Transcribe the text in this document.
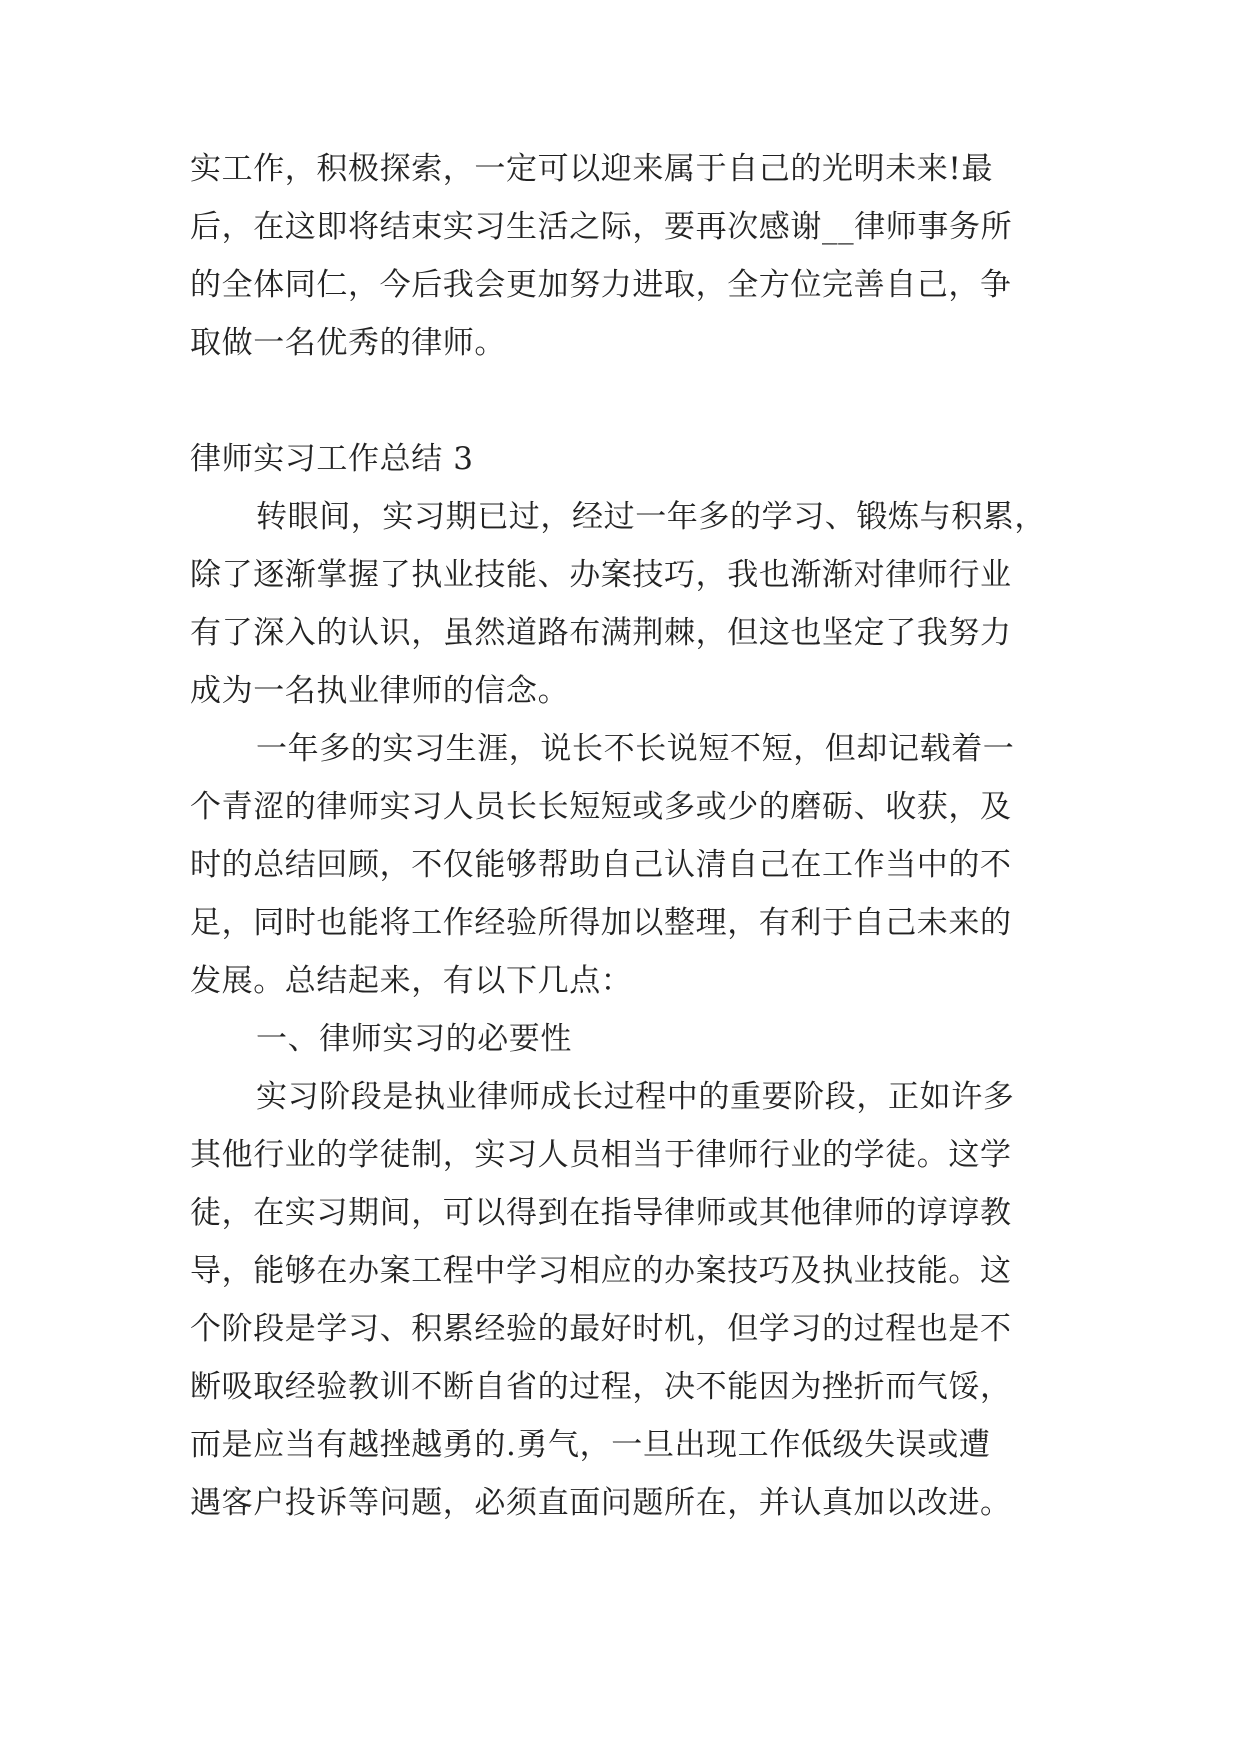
实工作，积极探索，一定可以迎来属于自己的光明未来!最
后，在这即将结束实习生活之际，要再次感谢__律师事务所
的全体同仁，今后我会更加努力进取，全方位完善自己，争
取做一名优秀的律师。
律师实习工作总结 3
转眼间，实习期已过，经过一年多的学习、锻炼与积累，
除了逐渐掌握了执业技能、办案技巧，我也渐渐对律师行业
有了深入的认识，虽然道路布满荆棘，但这也坚定了我努力
成为一名执业律师的信念。
一年多的实习生涯，说长不长说短不短，但却记载着一
个青涩的律师实习人员长长短短或多或少的磨砺、收获，及
时的总结回顾，不仅能够帮助自己认清自己在工作当中的不
足，同时也能将工作经验所得加以整理，有利于自己未来的
发展。总结起来，有以下几点：
一、律师实习的必要性
实习阶段是执业律师成长过程中的重要阶段，正如许多
其他行业的学徒制，实习人员相当于律师行业的学徒。这学
徒，在实习期间，可以得到在指导律师或其他律师的谆谆教
导，能够在办案工程中学习相应的办案技巧及执业技能。这
个阶段是学习、积累经验的最好时机，但学习的过程也是不
断吸取经验教训不断自省的过程，决不能因为挫折而气馁，
而是应当有越挫越勇的.勇气，一旦出现工作低级失误或遭
遇客户投诉等问题，必须直面问题所在，并认真加以改进。
